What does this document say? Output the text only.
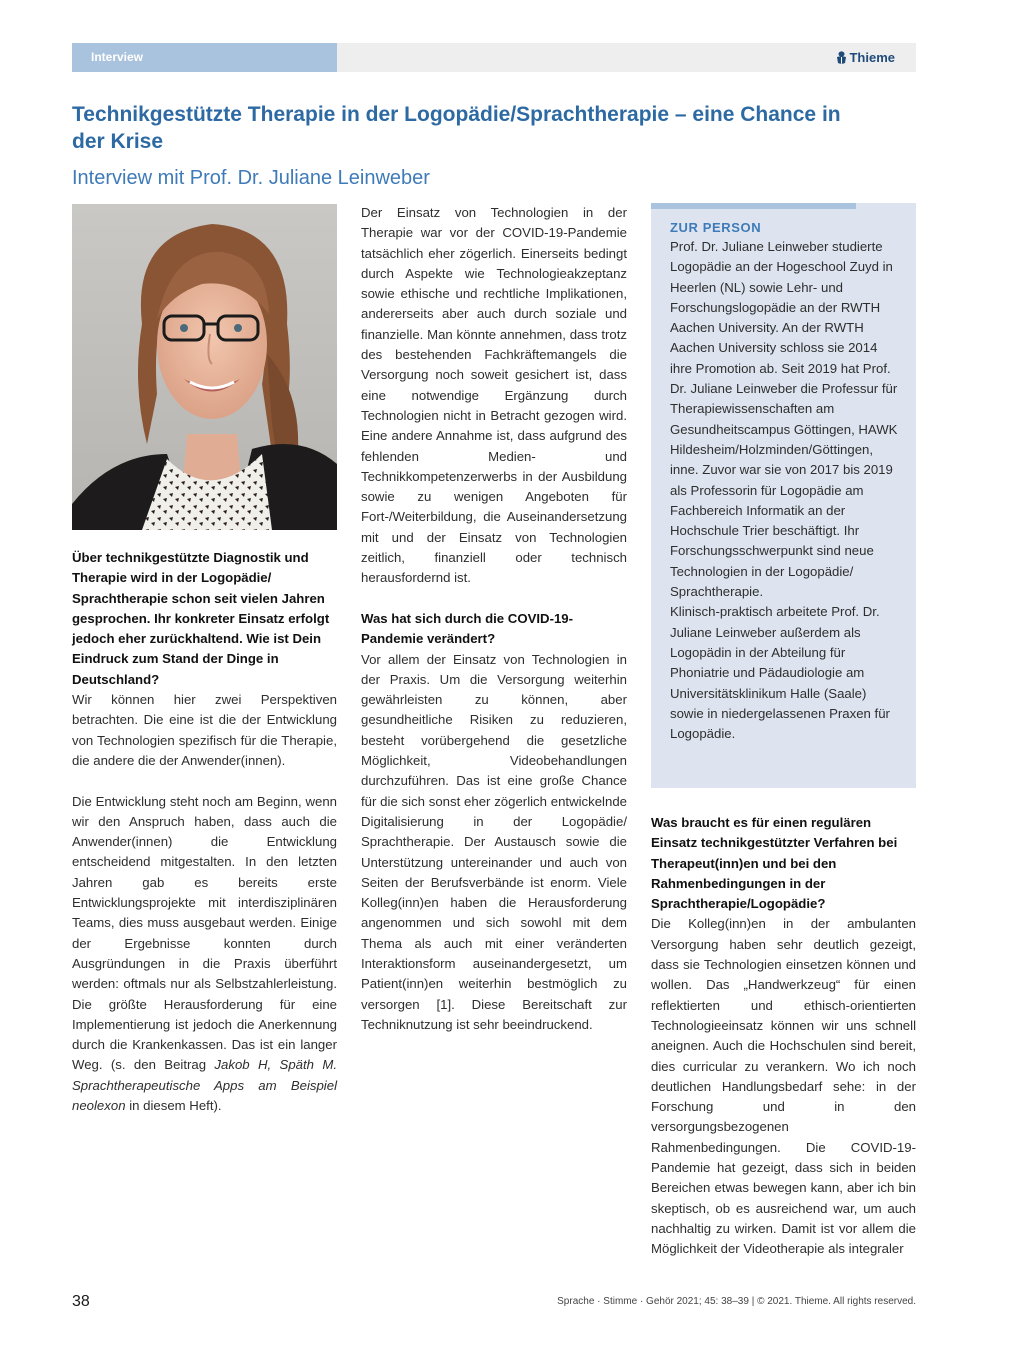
Interview	Thieme
Technikgestützte Therapie in der Logopädie/Sprachtherapie – eine Chance in der Krise
Interview mit Prof. Dr. Juliane Leinweber
Über technikgestützte Diagnostik und Therapie wird in der Logopädie/ Sprachtherapie schon seit vielen Jahren gesprochen. Ihr konkreter Einsatz erfolgt jedoch eher zurückhaltend. Wie ist Dein Eindruck zum Stand der Dinge in Deutschland?

Wir können hier zwei Perspektiven betrachten. Die eine ist die der Entwicklung von Technologien spezifisch für die Therapie, die andere die der Anwender(innen).

Die Entwicklung steht noch am Beginn, wenn wir den Anspruch haben, dass auch die Anwender(innen) die Entwicklung entscheidend mitgestalten. In den letzten Jahren gab es bereits erste Entwicklungsprojekte mit interdisziplinären Teams, dies muss ausgebaut werden. Einige der Ergebnisse konnten durch Ausgründungen in die Praxis überführt werden: oftmals nur als Selbstzahlerleistung. Die größte Herausforderung für eine Implementierung ist jedoch die Anerkennung durch die Krankenkassen. Das ist ein langer Weg. (s. den Beitrag Jakob H, Späth M. Sprachtherapeutische Apps am Beispiel neolexon in diesem Heft).

Der Einsatz von Technologien in der Therapie war vor der COVID-19-Pandemie tatsächlich eher zögerlich. Einerseits bedingt durch Aspekte wie Technologieakzeptanz sowie ethische und rechtliche Implikationen, andererseits aber auch durch soziale und finanzielle. Man könnte annehmen, dass trotz des bestehenden Fachkräftemangels die Versorgung noch soweit gesichert ist, dass eine notwendige Ergänzung durch Technologien nicht in Betracht gezogen wird. Eine andere Annahme ist, dass aufgrund des fehlenden Medien- und Technikkompetenzerwerbs in der Ausbildung sowie zu wenigen Angeboten für Fort-/Weiterbildung, die Auseinandersetzung mit und der Einsatz von Technologien zeitlich, finanziell oder technisch herausfordernd ist.

Was hat sich durch die COVID-19-Pandemie verändert?

Vor allem der Einsatz von Technologien in der Praxis. Um die Versorgung weiterhin gewährleisten zu können, aber gesundheitliche Risiken zu reduzieren, besteht vorübergehend die gesetzliche Möglichkeit, Videobehandlungen durchzuführen. Das ist eine große Chance für die sich sonst eher zögerlich entwickelnde Digitalisierung in der Logopädie/ Sprachtherapie. Der Austausch sowie die Unterstützung untereinander und auch von Seiten der Berufsverbände ist enorm. Viele Kolleg(inn)en haben die Herausforderung angenommen und sich sowohl mit dem Thema als auch mit einer veränderten Interaktionsform auseinandergesetzt, um Patient(inn)en weiterhin bestmöglich zu versorgen [1]. Diese Bereitschaft zur Techniknutzung ist sehr beeindruckend.

ZUR PERSON

Prof. Dr. Juliane Leinweber studierte Logopädie an der Hogeschool Zuyd in Heerlen (NL) sowie Lehr- und Forschungslogopädie an der RWTH Aachen University. An der RWTH Aachen University schloss sie 2014 ihre Promotion ab. Seit 2019 hat Prof. Dr. Juliane Leinweber die Professur für Therapiewissenschaften am Gesundheitscampus Göttingen, HAWK Hildesheim/Holzminden/Göttingen, inne. Zuvor war sie von 2017 bis 2019 als Professorin für Logopädie am Fachbereich Informatik an der Hochschule Trier beschäftigt. Ihr Forschungsschwerpunkt sind neue Technologien in der Logopädie/ Sprachtherapie.

Klinisch-praktisch arbeitete Prof. Dr. Juliane Leinweber außerdem als Logopädin in der Abteilung für Phoniatrie und Pädaudiologie am Universitätsklinikum Halle (Saale) sowie in niedergelassenen Praxen für Logopädie.

Was braucht es für einen regulären Einsatz technikgestützter Verfahren bei Therapeut(inn)en und bei den Rahmenbedingungen in der Sprachtherapie/Logopädie?

Die Kolleg(inn)en in der ambulanten Versorgung haben sehr deutlich gezeigt, dass sie Technologien einsetzen können und wollen. Das „Handwerkzeug“ für einen reflektierten und ethisch-orientierten Technologieeinsatz können wir uns schnell aneignen. Auch die Hochschulen sind bereit, dies curricular zu verankern. Wo ich noch deutlichen Handlungsbedarf sehe: in der Forschung und in den versorgungsbezogenen Rahmenbedingungen. Die COVID-19-Pandemie hat gezeigt, dass sich in beiden Bereichen etwas bewegen kann, aber ich bin skeptisch, ob es ausreichend war, um auch nachhaltig zu wirken. Damit ist vor allem die Möglichkeit der Videotherapie als integraler

38	Sprache · Stimme · Gehör 2021; 45: 38–39 | © 2021. Thieme. All rights reserved.
